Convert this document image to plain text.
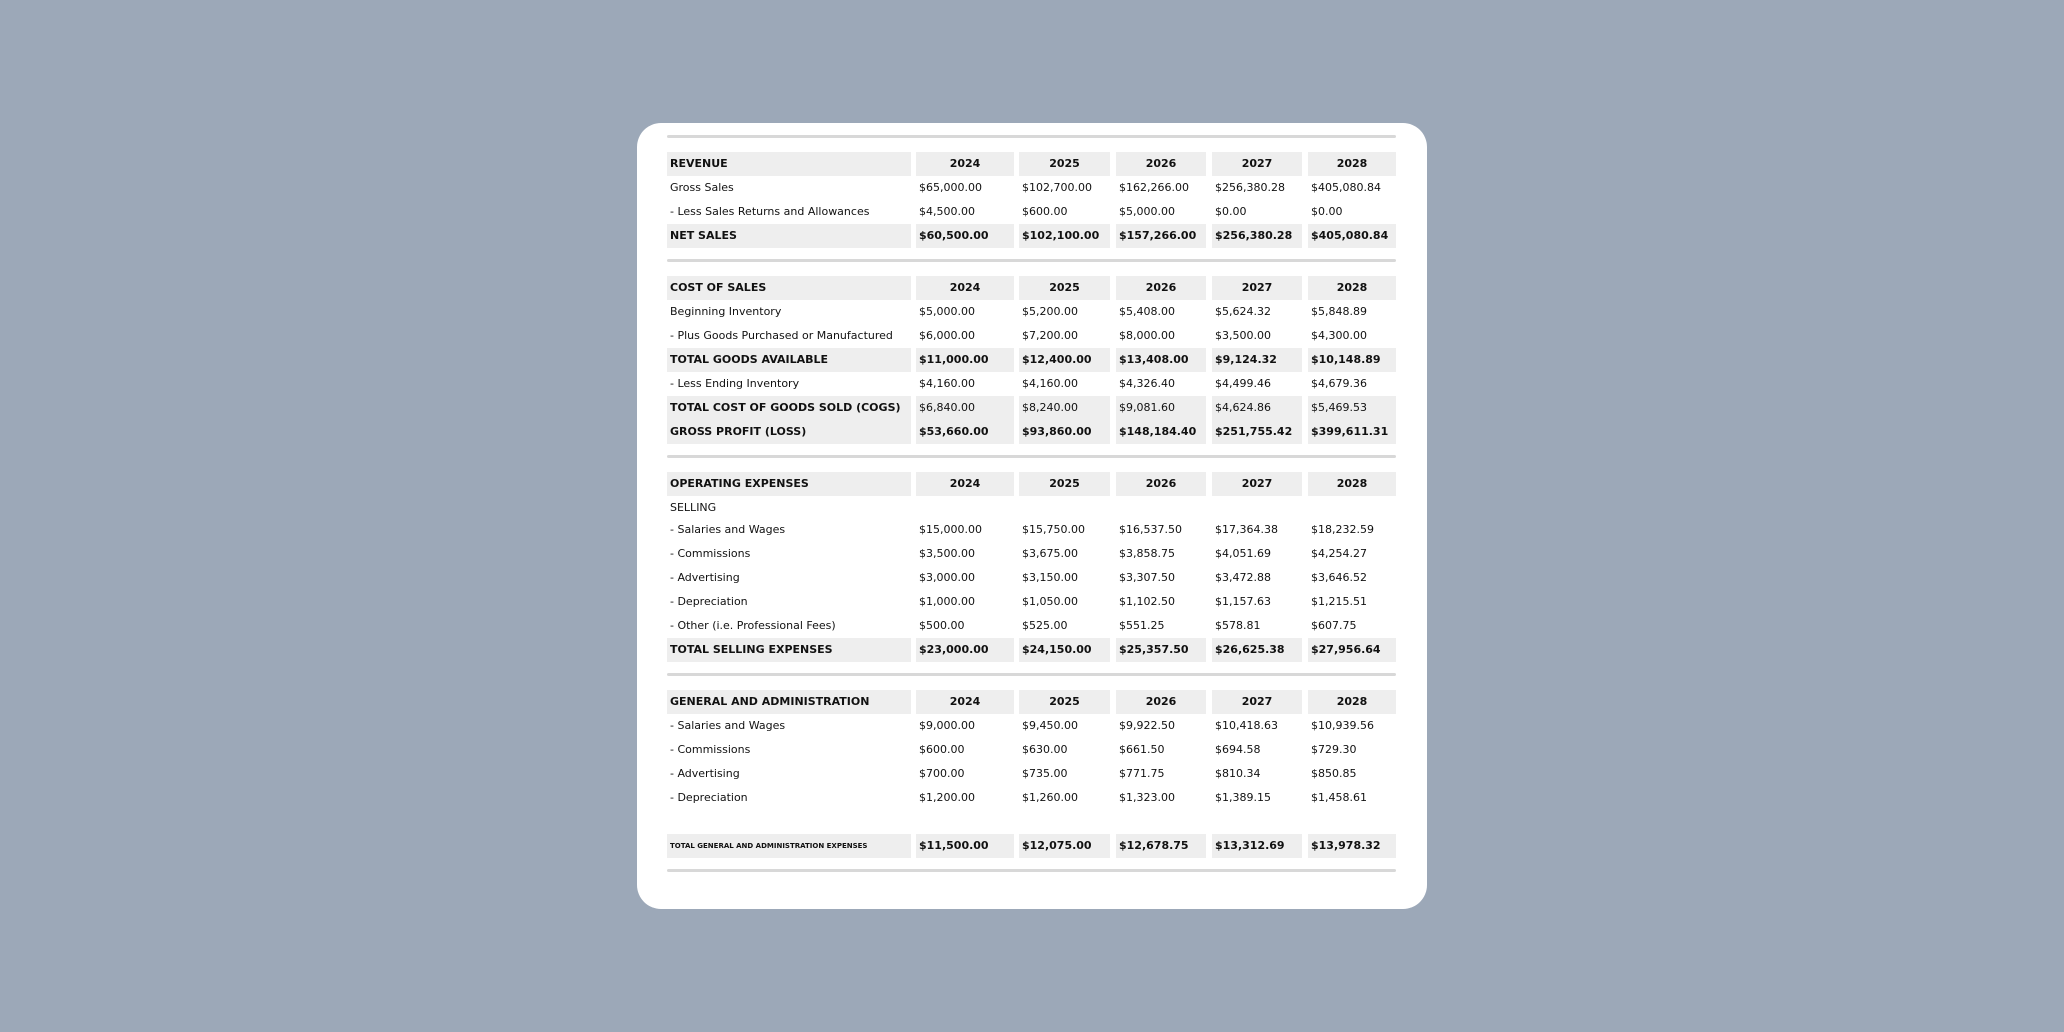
REVENUE	2024	2025	2026	2027	2028
Gross Sales	$65,000.00	$102,700.00	$162,266.00	$256,380.28	$405,080.84
- Less Sales Returns and Allowances	$4,500.00	$600.00	$5,000.00	$0.00	$0.00
NET SALES	$60,500.00	$102,100.00	$157,266.00	$256,380.28	$405,080.84
COST OF SALES	2024	2025	2026	2027	2028
Beginning Inventory	$5,000.00	$5,200.00	$5,408.00	$5,624.32	$5,848.89
- Plus Goods Purchased or Manufactured	$6,000.00	$7,200.00	$8,000.00	$3,500.00	$4,300.00
TOTAL GOODS AVAILABLE	$11,000.00	$12,400.00	$13,408.00	$9,124.32	$10,148.89
- Less Ending Inventory	$4,160.00	$4,160.00	$4,326.40	$4,499.46	$4,679.36
TOTAL COST OF GOODS SOLD (COGS)	$6,840.00	$8,240.00	$9,081.60	$4,624.86	$5,469.53
GROSS PROFIT (LOSS)	$53,660.00	$93,860.00	$148,184.40	$251,755.42	$399,611.31
OPERATING EXPENSES	2024	2025	2026	2027	2028
SELLING
- Salaries and Wages	$15,000.00	$15,750.00	$16,537.50	$17,364.38	$18,232.59
- Commissions	$3,500.00	$3,675.00	$3,858.75	$4,051.69	$4,254.27
- Advertising	$3,000.00	$3,150.00	$3,307.50	$3,472.88	$3,646.52
- Depreciation	$1,000.00	$1,050.00	$1,102.50	$1,157.63	$1,215.51
- Other (i.e. Professional Fees)	$500.00	$525.00	$551.25	$578.81	$607.75
TOTAL SELLING EXPENSES	$23,000.00	$24,150.00	$25,357.50	$26,625.38	$27,956.64
GENERAL AND ADMINISTRATION	2024	2025	2026	2027	2028
- Salaries and Wages	$9,000.00	$9,450.00	$9,922.50	$10,418.63	$10,939.56
- Commissions	$600.00	$630.00	$661.50	$694.58	$729.30
- Advertising	$700.00	$735.00	$771.75	$810.34	$850.85
- Depreciation	$1,200.00	$1,260.00	$1,323.00	$1,389.15	$1,458.61
TOTAL GENERAL AND ADMINISTRATION EXPENSES	$11,500.00	$12,075.00	$12,678.75	$13,312.69	$13,978.32
